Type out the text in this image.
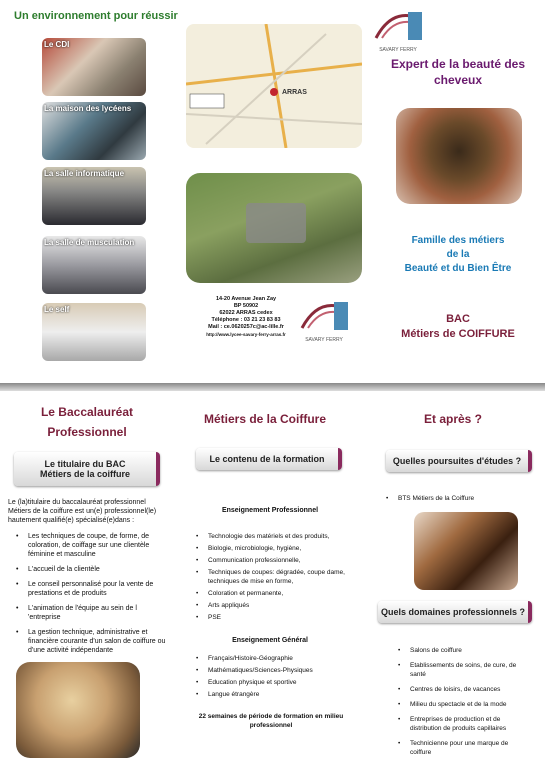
Un environnement pour réussir
Le CDI
La maison des lycéens
La salle informatique
La salle de musculation
Le self
ARRAS
14-20 Avenue Jean Zay
BP 50902
62022 ARRAS cedex
Téléphone : 03 21 23 83 83
Mail : ce.0620257c@ac-lille.fr
http://www.lycee-savary-ferry-arras.fr
SAVARY FERRY
SAVARY FERRY
Expert de la beauté des cheveux
Famille des métiers
de la
Beauté et du Bien Être
BAC
Métiers de COIFFURE
Le Baccalauréat
Professionnel
Le titulaire du BAC
Métiers de la coiffure
Le (la)titulaire du baccalauréat professionnel Métiers de la coiffure est un(e) professionnel(le) hautement qualifié(e) spécialisé(e)dans :
• Les techniques de coupe, de forme, de coloration, de coiffage sur une clientèle féminine et masculine
• L'accueil de la clientèle
• Le conseil personnalisé pour la vente de prestations et de produits
• L'animation de l'équipe au sein de l 'entreprise
• La gestion technique, administrative et financière courante d'un salon de coiffure ou d'une activité indépendante
Métiers de la Coiffure
Le contenu de la formation
Enseignement Professionnel
• Technologie des matériels et des produits,
• Biologie, microbiologie, hygiène,
• Communication professionnelle,
• Techniques de coupes: dégradée, coupe dame, techniques de mise en forme,
• Coloration et permanente,
• Arts appliqués
• PSE
Enseignement Général
• Français/Histoire-Géographie
• Mathématiques/Sciences-Physiques
• Education physique et sportive
• Langue étrangère
22 semaines de période de formation en milieu professionnel
Et après ?
Quelles poursuites d'études ?
• BTS Métiers de la Coiffure
Quels domaines professionnels ?
• Salons de coiffure
• Etablissements de soins, de cure, de santé
• Centres de loisirs, de vacances
• Milieu du spectacle et de la mode
• Entreprises de production et de distribution de produits capillaires
• Technicienne pour une marque de coiffure
